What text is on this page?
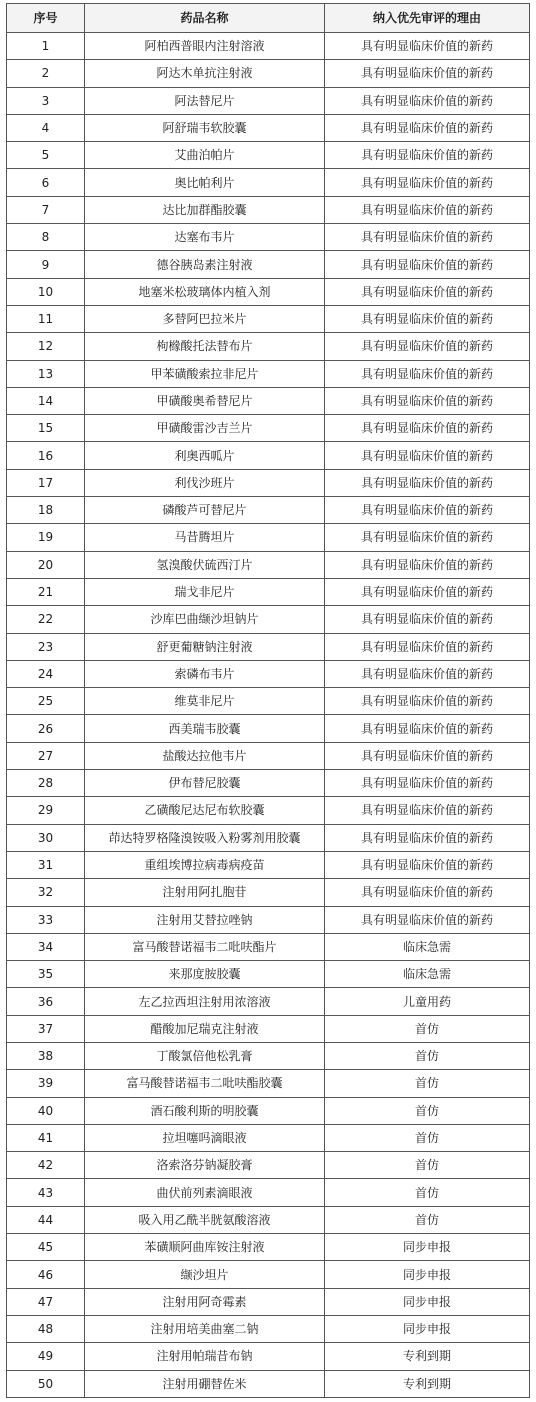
序号	药品名称	纳入优先审评的理由
1	阿柏西普眼内注射溶液	具有明显临床价值的新药
2	阿达木单抗注射液	具有明显临床价值的新药
3	阿法替尼片	具有明显临床价值的新药
4	阿舒瑞韦软胶囊	具有明显临床价值的新药
5	艾曲泊帕片	具有明显临床价值的新药
6	奥比帕利片	具有明显临床价值的新药
7	达比加群酯胶囊	具有明显临床价值的新药
8	达塞布韦片	具有明显临床价值的新药
9	德谷胰岛素注射液	具有明显临床价值的新药
10	地塞米松玻璃体内植入剂	具有明显临床价值的新药
11	多替阿巴拉米片	具有明显临床价值的新药
12	枸橼酸托法替布片	具有明显临床价值的新药
13	甲苯磺酸索拉非尼片	具有明显临床价值的新药
14	甲磺酸奥希替尼片	具有明显临床价值的新药
15	甲磺酸雷沙吉兰片	具有明显临床价值的新药
16	利奥西呱片	具有明显临床价值的新药
17	利伐沙班片	具有明显临床价值的新药
18	磷酸芦可替尼片	具有明显临床价值的新药
19	马昔腾坦片	具有明显临床价值的新药
20	氢溴酸伏硫西汀片	具有明显临床价值的新药
21	瑞戈非尼片	具有明显临床价值的新药
22	沙库巴曲缬沙坦钠片	具有明显临床价值的新药
23	舒更葡糖钠注射液	具有明显临床价值的新药
24	索磷布韦片	具有明显临床价值的新药
25	维莫非尼片	具有明显临床价值的新药
26	西美瑞韦胶囊	具有明显临床价值的新药
27	盐酸达拉他韦片	具有明显临床价值的新药
28	伊布替尼胶囊	具有明显临床价值的新药
29	乙磺酸尼达尼布软胶囊	具有明显临床价值的新药
30	茚达特罗格隆溴铵吸入粉雾剂用胶囊	具有明显临床价值的新药
31	重组埃博拉病毒病疫苗	具有明显临床价值的新药
32	注射用阿扎胞苷	具有明显临床价值的新药
33	注射用艾替拉唑钠	具有明显临床价值的新药
34	富马酸替诺福韦二吡呋酯片	临床急需
35	来那度胺胶囊	临床急需
36	左乙拉西坦注射用浓溶液	儿童用药
37	醋酸加尼瑞克注射液	首仿
38	丁酸氯倍他松乳膏	首仿
39	富马酸替诺福韦二吡呋酯胶囊	首仿
40	酒石酸利斯的明胶囊	首仿
41	拉坦噻吗滴眼液	首仿
42	洛索洛芬钠凝胶膏	首仿
43	曲伏前列素滴眼液	首仿
44	吸入用乙酰半胱氨酸溶液	首仿
45	苯磺顺阿曲库铵注射液	同步申报
46	缬沙坦片	同步申报
47	注射用阿奇霉素	同步申报
48	注射用培美曲塞二钠	同步申报
49	注射用帕瑞昔布钠	专利到期
50	注射用硼替佐米	专利到期
